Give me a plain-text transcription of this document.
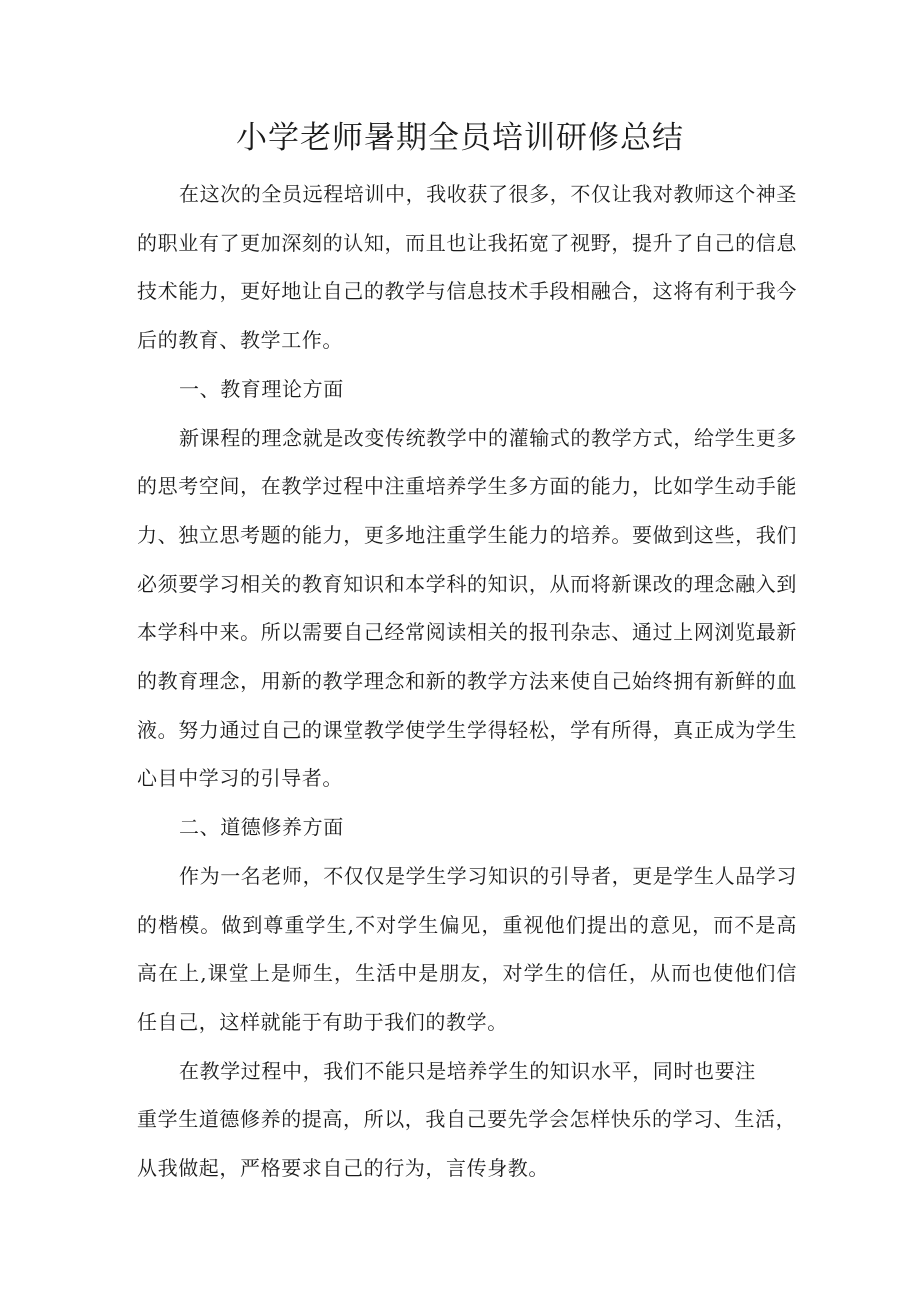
小学老师暑期全员培训研修总结

在这次的全员远程培训中，我收获了很多，不仅让我对教师这个神圣的职业有了更加深刻的认知，而且也让我拓宽了视野，提升了自己的信息技术能力，更好地让自己的教学与信息技术手段相融合，这将有利于我今后的教育、教学工作。

一、教育理论方面

新课程的理念就是改变传统教学中的灌输式的教学方式，给学生更多的思考空间，在教学过程中注重培养学生多方面的能力，比如学生动手能力、独立思考题的能力，更多地注重学生能力的培养。要做到这些，我们必须要学习相关的教育知识和本学科的知识，从而将新课改的理念融入到本学科中来。所以需要自己经常阅读相关的报刊杂志、通过上网浏览最新的教育理念，用新的教学理念和新的教学方法来使自己始终拥有新鲜的血液。努力通过自己的课堂教学使学生学得轻松，学有所得，真正成为学生心目中学习的引导者。

二、道德修养方面

作为一名老师，不仅仅是学生学习知识的引导者，更是学生人品学习的楷模。做到尊重学生,不对学生偏见，重视他们提出的意见，而不是高高在上,课堂上是师生，生活中是朋友，对学生的信任，从而也使他们信任自己，这样就能于有助于我们的教学。

在教学过程中，我们不能只是培养学生的知识水平，同时也要注
重学生道德修养的提高，所以，我自己要先学会怎样快乐的学习、生活，
从我做起，严格要求自己的行为，言传身教。
